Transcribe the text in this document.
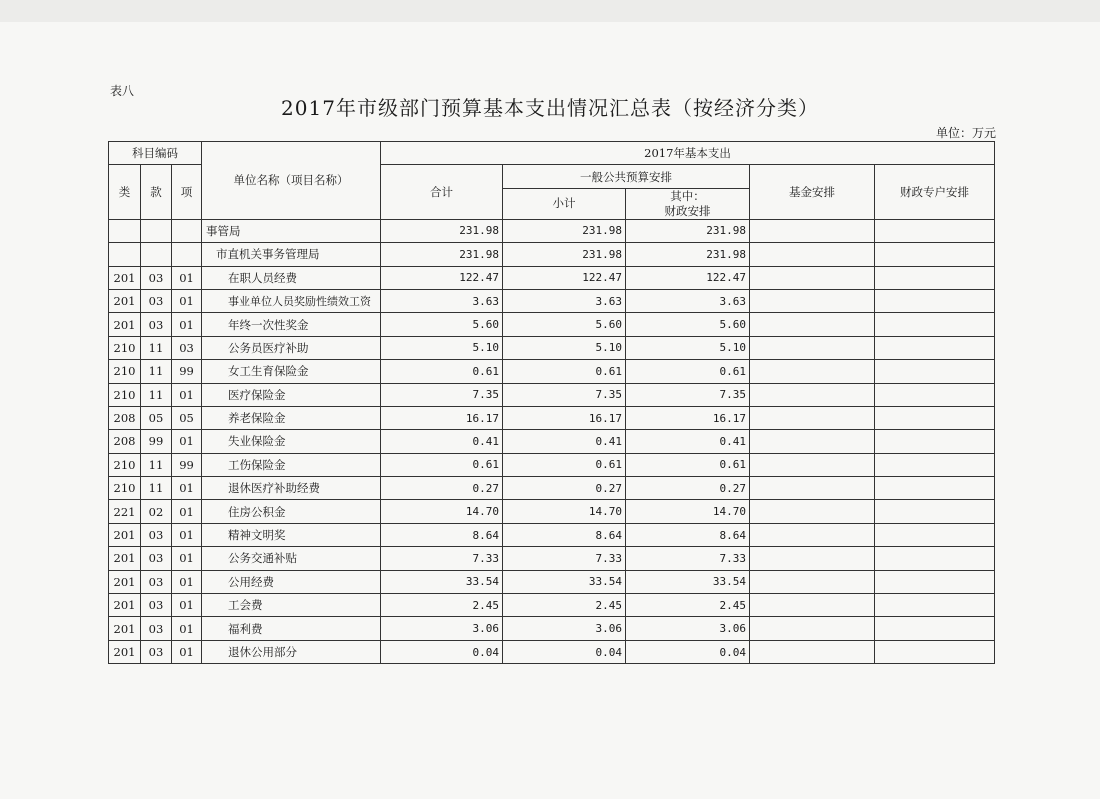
表八
2017年市级部门预算基本支出情况汇总表（按经济分类）
单位：万元
科目编码			单位名称（项目名称）	2017年基本支出				
类	款	项		合计	一般公共预算安排		基金安排	财政专户安排
					小计	其中：
财政安排		

			事管局	231.98	231.98	231.98		
			市直机关事务管理局	231.98	231.98	231.98		
201	03	01	在职人员经费	122.47	122.47	122.47		
201	03	01	事业单位人员奖励性绩效工资	3.63	3.63	3.63		
201	03	01	年终一次性奖金	5.60	5.60	5.60		
210	11	03	公务员医疗补助	5.10	5.10	5.10		
210	11	99	女工生育保险金	0.61	0.61	0.61		
210	11	01	医疗保险金	7.35	7.35	7.35		
208	05	05	养老保险金	16.17	16.17	16.17		
208	99	01	失业保险金	0.41	0.41	0.41		
210	11	99	工伤保险金	0.61	0.61	0.61		
210	11	01	退休医疗补助经费	0.27	0.27	0.27		
221	02	01	住房公积金	14.70	14.70	14.70		
201	03	01	精神文明奖	8.64	8.64	8.64		
201	03	01	公务交通补贴	7.33	7.33	7.33		
201	03	01	公用经费	33.54	33.54	33.54		
201	03	01	工会费	2.45	2.45	2.45		
201	03	01	福利费	3.06	3.06	3.06		
201	03	01	退休公用部分	0.04	0.04	0.04		
